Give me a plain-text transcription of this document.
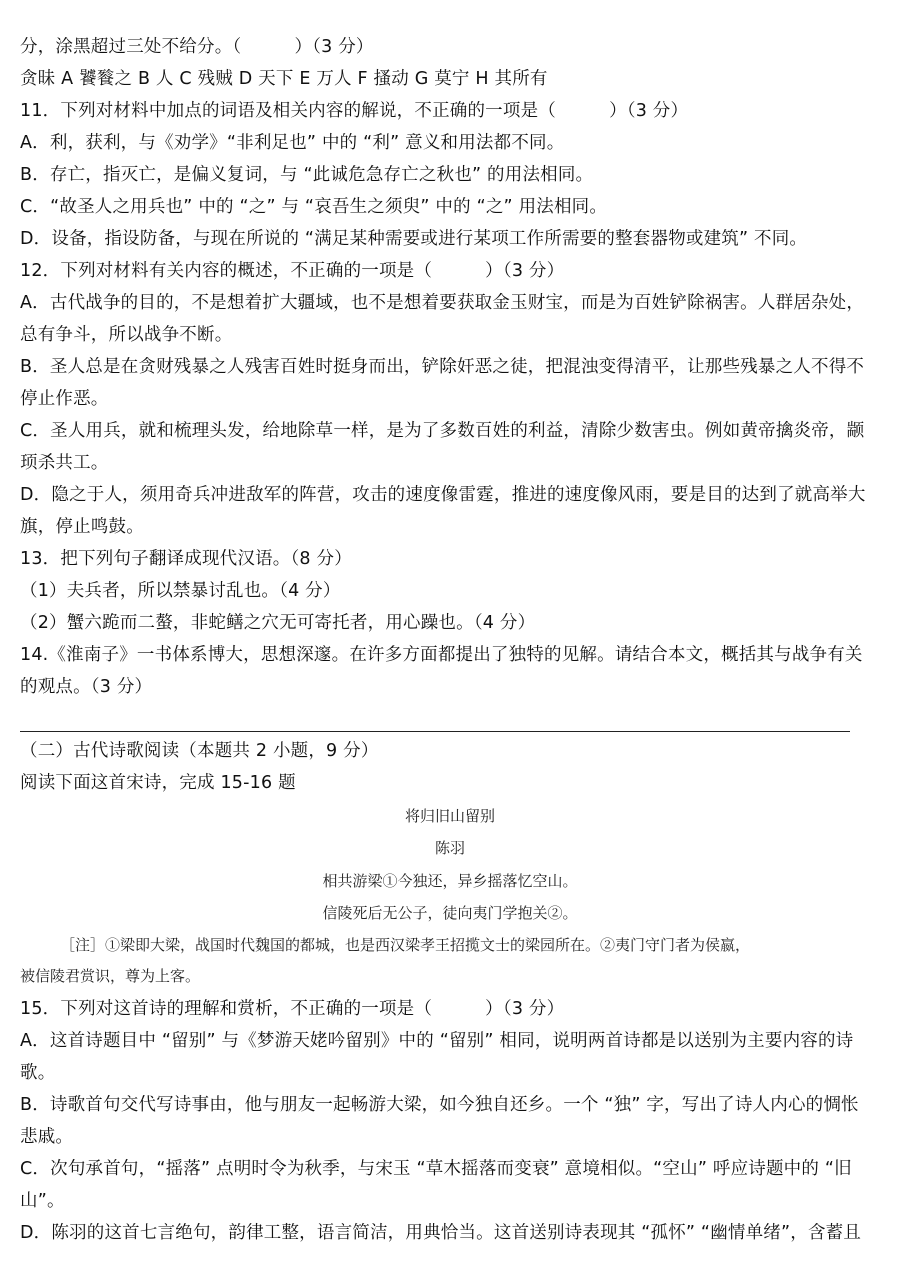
分，涂黑超过三处不给分。（　　　）（3 分）
贪昧 A 饕餮之 B 人 C 残贼 D 天下 E 万人 F 搔动 G 莫宁 H 其所有
11．下列对材料中加点的词语及相关内容的解说，不正确的一项是（　　　）（3 分）
A．利，获利，与《劝学》“非利足也” 中的 “利” 意义和用法都不同。
B．存亡，指灭亡，是偏义复词，与 “此诚危急存亡之秋也” 的用法相同。
C．“故圣人之用兵也” 中的 “之” 与 “哀吾生之须臾” 中的 “之” 用法相同。
D．设备，指设防备，与现在所说的 “满足某种需要或进行某项工作所需要的整套器物或建筑” 不同。
12．下列对材料有关内容的概述，不正确的一项是（　　　）（3 分）
A．古代战争的目的，不是想着扩大疆域，也不是想着要获取金玉财宝，而是为百姓铲除祸害。人群居杂处，
总有争斗，所以战争不断。
B．圣人总是在贪财残暴之人残害百姓时挺身而出，铲除奸恶之徒，把混浊变得清平，让那些残暴之人不得不
停止作恶。
C．圣人用兵，就和梳理头发，给地除草一样，是为了多数百姓的利益，清除少数害虫。例如黄帝擒炎帝，颛
顼杀共工。
D．隐之于人，须用奇兵冲进敌军的阵营，攻击的速度像雷霆，推进的速度像风雨，要是目的达到了就高举大
旗，停止鸣鼓。
13．把下列句子翻译成现代汉语。（8 分）
（1）夫兵者，所以禁暴讨乱也。（4 分）
（2）蟹六跪而二螯，非蛇鳝之穴无可寄托者，用心躁也。（4 分）
14.《淮南子》一书体系博大，思想深邃。在许多方面都提出了独特的见解。请结合本文，概括其与战争有关
的观点。（3 分）
（二）古代诗歌阅读（本题共 2 小题，9 分）
阅读下面这首宋诗，完成 15-16 题
将归旧山留别
陈羽
相共游梁①今独还，异乡摇落忆空山。
信陵死后无公子，徒向夷门学抱关②。
［注］①梁即大梁，战国时代魏国的都城，也是西汉梁孝王招揽文士的梁园所在。②夷门守门者为侯嬴，
被信陵君赏识，尊为上客。
15．下列对这首诗的理解和赏析，不正确的一项是（　　　）（3 分）
A．这首诗题目中 “留别” 与《梦游天姥吟留别》中的 “留别” 相同，说明两首诗都是以送别为主要内容的诗
歌。
B．诗歌首句交代写诗事由，他与朋友一起畅游大梁，如今独自还乡。一个 “独” 字，写出了诗人内心的惆怅
悲戚。
C．次句承首句，“摇落” 点明时令为秋季，与宋玉 “草木摇落而变衰” 意境相似。“空山” 呼应诗题中的 “旧
山”。
D．陈羽的这首七言绝句，韵律工整，语言简洁，用典恰当。这首送别诗表现其 “孤怀” “幽情单绪”，含蓄且
